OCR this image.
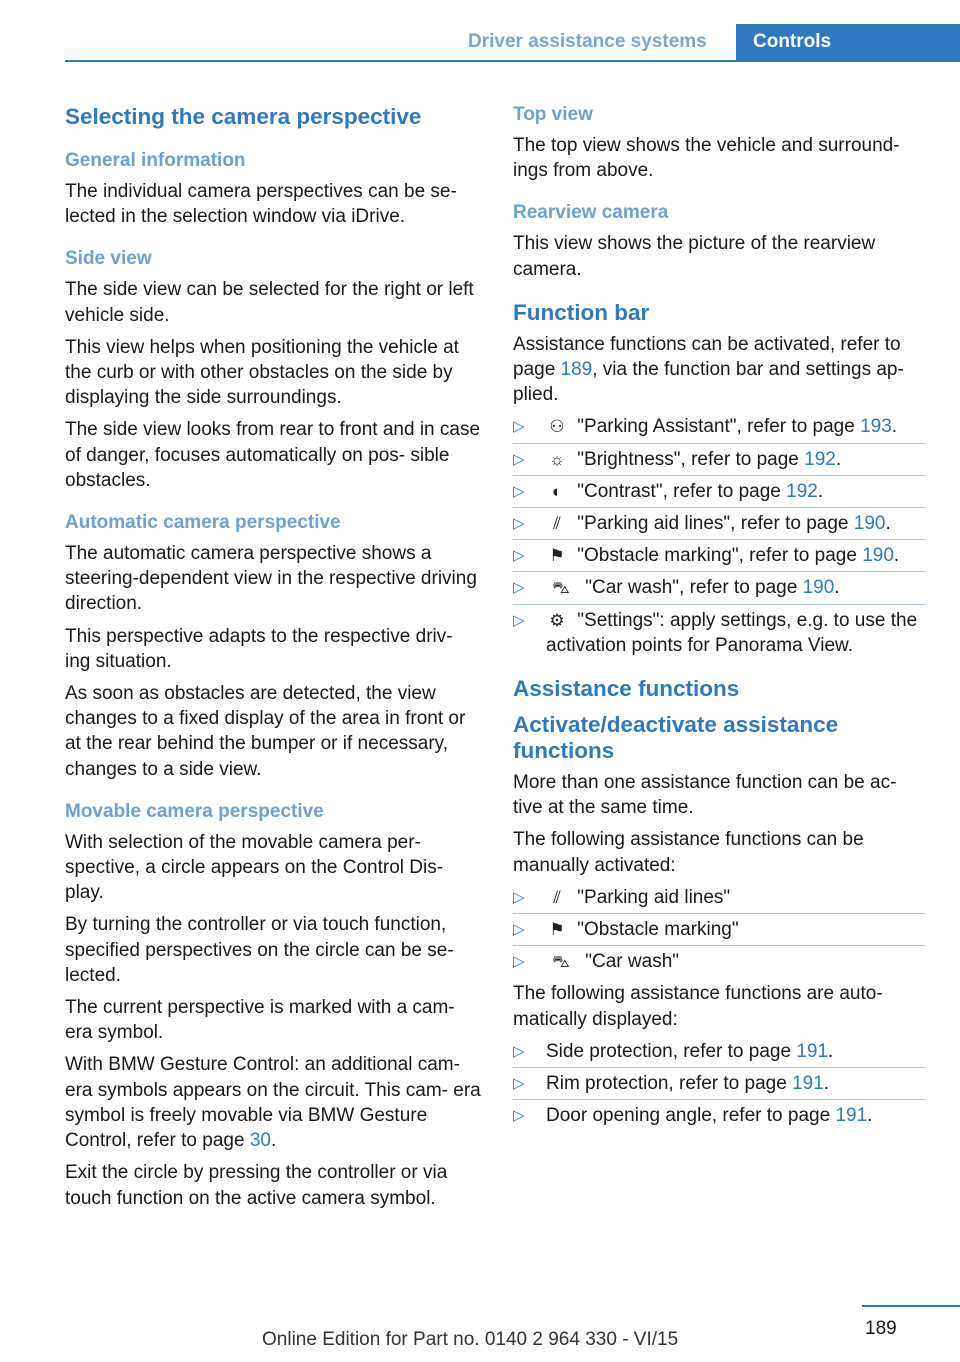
Driver assistance systems	Controls
Selecting the camera perspective
General information
The individual camera perspectives can be se‐ lected in the selection window via iDrive.
Side view
The side view can be selected for the right or left vehicle side.
This view helps when positioning the vehicle at the curb or with other obstacles on the side by displaying the side surroundings.
The side view looks from rear to front and in case of danger, focuses automatically on pos‐ sible obstacles.
Automatic camera perspective
The automatic camera perspective shows a steering-dependent view in the respective driving direction.
This perspective adapts to the respective driv‐ ing situation.
As soon as obstacles are detected, the view changes to a fixed display of the area in front or at the rear behind the bumper or if necessary, changes to a side view.
Movable camera perspective
With selection of the movable camera per‐ spective, a circle appears on the Control Dis‐ play.
By turning the controller or via touch function, specified perspectives on the circle can be se‐ lected.
The current perspective is marked with a cam‐ era symbol.
With BMW Gesture Control: an additional cam‐ era symbols appears on the circuit. This cam‐ era symbol is freely movable via BMW Gesture Control, refer to page 30.
Exit the circle by pressing the controller or via touch function on the active camera symbol.
Top view
The top view shows the vehicle and surround‐ ings from above.
Rearview camera
This view shows the picture of the rearview camera.
Function bar
Assistance functions can be activated, refer to page 189, via the function bar and settings ap‐ plied.
▷ ⚇ "Parking Assistant", refer to page 193.
▷ ☼ "Brightness", refer to page 192.
▷ ◐ "Contrast", refer to page 192.
▷ ⫽ "Parking aid lines", refer to page 190.
▷ ⚑ "Obstacle marking", refer to page 190.
▷ ⛍ "Car wash", refer to page 190.
▷ ⚙ "Settings": apply settings, e.g. to use the activation points for Panorama View.
Assistance functions
Activate/deactivate assistance functions
More than one assistance function can be ac‐ tive at the same time.
The following assistance functions can be manually activated:
▷ ⫽ "Parking aid lines"
▷ ⚑ "Obstacle marking"
▷ ⛍ "Car wash"
The following assistance functions are auto‐ matically displayed:
▷ Side protection, refer to page 191.
▷ Rim protection, refer to page 191.
▷ Door opening angle, refer to page 191.
189
Online Edition for Part no. 0140 2 964 330 - VI/15
